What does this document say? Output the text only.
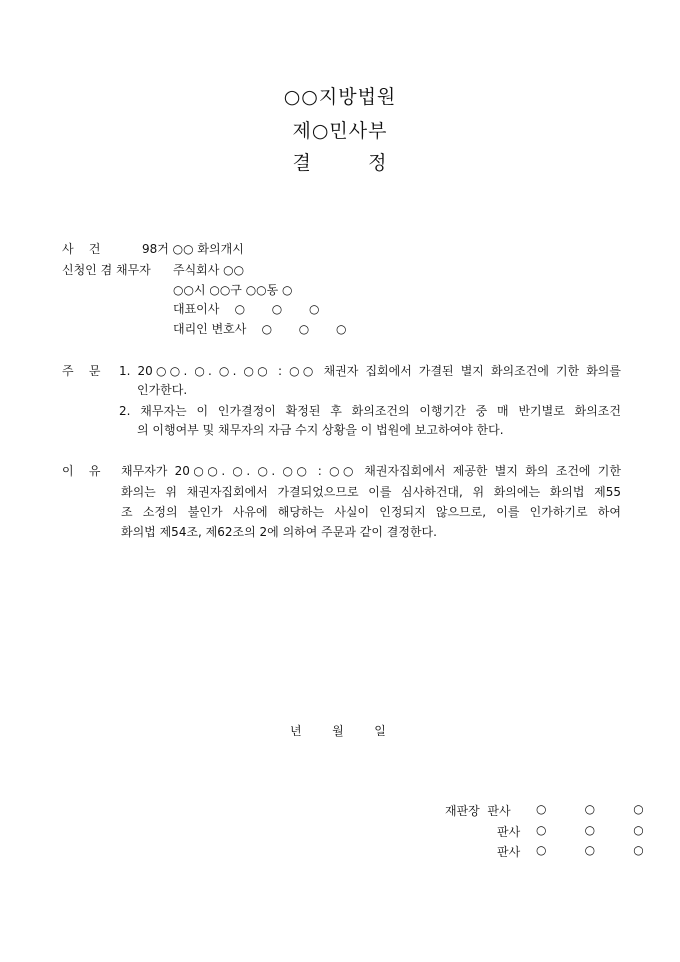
○○지방법원
제○민사부
결        정
사    건	98거 ○○ 화의개시
신청인 겸 채무자 주식회사 ○○
○○시 ○○구 ○○동 ○
대표이사    ○       ○       ○
대리인 변호사    ○       ○       ○
주    문 1. 20○○. ○. ○. ○○ : ○○ 채권자 집회에서 가결된 별지 화의조건에 기한 화의를
인가한다.
2. 채무자는 이 인가결정이 확정된 후 화의조건의 이행기간 중 매 반기별로 화의조건
의 이행여부 및 채무자의 자금 수지 상황을 이 법원에 보고하여야 한다.
이    유 채무자가 20○○. ○. ○. ○○ : ○○ 채권자집회에서 제공한 별지 화의 조건에 기한
화의는 위 채권자집회에서 가결되었으므로 이를 심사하건대, 위 화의에는 화의법 제55
조 소정의 불인가 사유에 해당하는 사실이 인정되지 않으므로, 이를 인가하기로 하여
화의법 제54조, 제62조의 2에 의하여 주문과 같이 결정한다.
년        월        일
재판장  판사 ○          ○          ○
판사 ○          ○          ○
판사 ○          ○          ○
